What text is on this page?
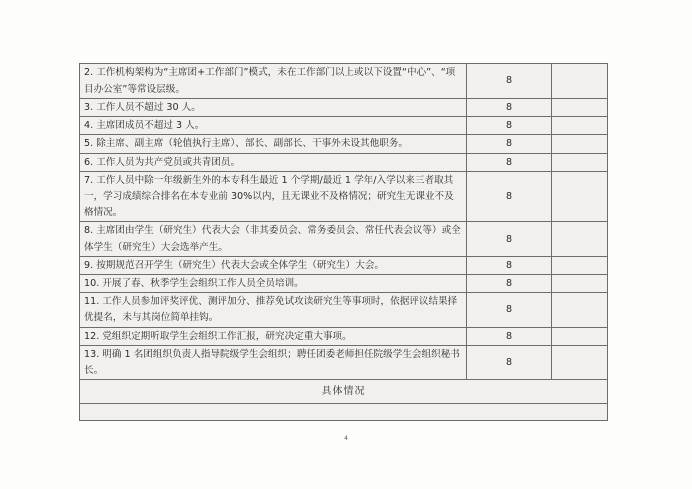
2. 工作机构架构为“主席团+工作部门”模式，未在工作部门以上或以下设置“中心”、“项目办公室”等常设层级。	8	
3. 工作人员不超过 30 人。	8	
4. 主席团成员不超过 3 人。	8	
5. 除主席、副主席（轮值执行主席）、部长、副部长、干事外未设其他职务。	8	
6. 工作人员为共产党员或共青团员。	8	
7. 工作人员中除一年级新生外的本专科生最近 1 个学期/最近 1 学年/入学以来三者取其一，学习成绩综合排名在本专业前 30%以内，且无课业不及格情况；研究生无课业不及格情况。	8	
8. 主席团由学生（研究生）代表大会（非其委员会、常务委员会、常任代表会议等）或全体学生（研究生）大会选举产生。	8	
9. 按期规范召开学生（研究生）代表大会或全体学生（研究生）大会。	8	
10. 开展了春、秋季学生会组织工作人员全员培训。	8	
11. 工作人员参加评奖评优、测评加分、推荐免试攻读研究生等事项时，依据评议结果择优提名，未与其岗位简单挂钩。	8	
12. 党组织定期听取学生会组织工作汇报，研究决定重大事项。	8	
13. 明确 1 名团组织负责人指导院级学生会组织；聘任团委老师担任院级学生会组织秘书长。	8	
具体情况		

4
